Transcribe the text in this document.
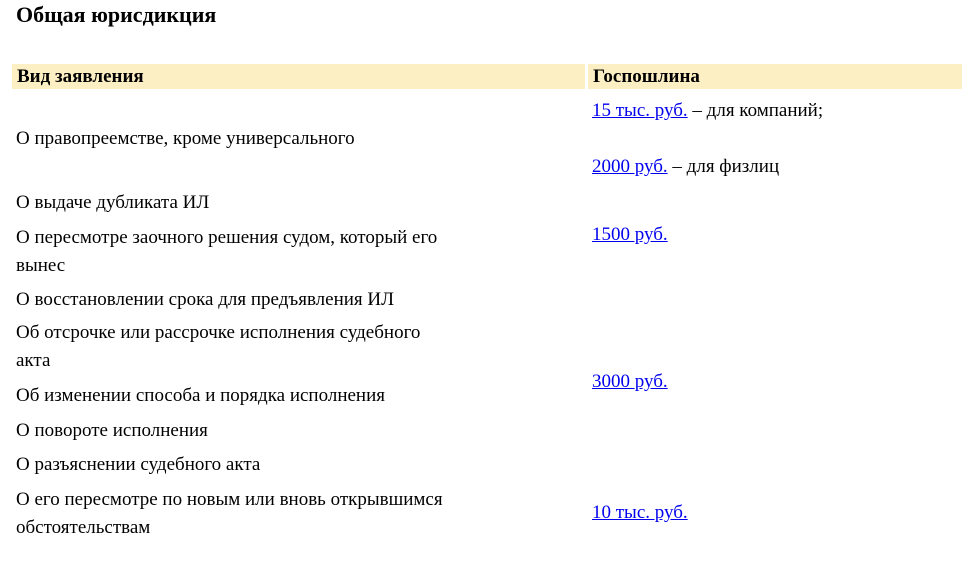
Общая юрисдикция
Вид заявления	Госпошлина
О правопреемстве, кроме универсального
О выдаче дубликата ИЛ
О пересмотре заочного решения судом, который его
вынес
О восстановлении срока для предъявления ИЛ
Об отсрочке или рассрочке исполнения судебного
акта
Об изменении способа и порядка исполнения
О повороте исполнения
О разъяснении судебного акта
О его пересмотре по новым или вновь открывшимся
обстоятельствам
15 тыс. руб. – для компаний;
2000 руб. – для физлиц
1500 руб.
3000 руб.
10 тыс. руб.
